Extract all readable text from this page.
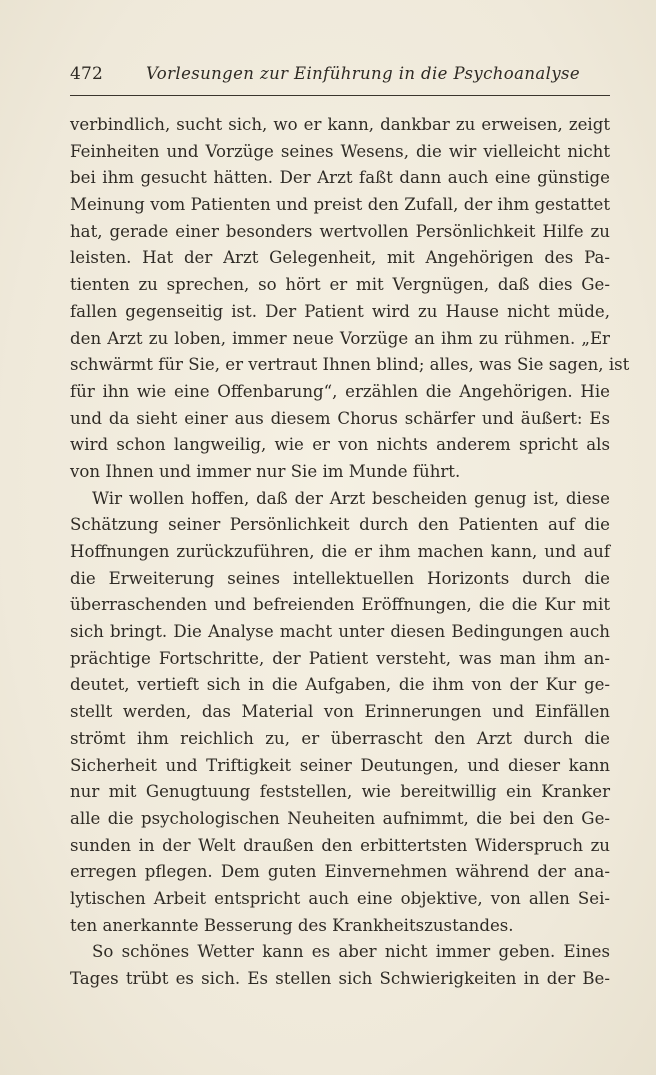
472	Vorlesungen zur Einführung in die Psychoanalyse
verbindlich, sucht sich, wo er kann, dankbar zu erweisen, zeigt
Feinheiten und Vorzüge seines Wesens, die wir vielleicht nicht
bei ihm gesucht hätten. Der Arzt faßt dann auch eine günstige
Meinung vom Patienten und preist den Zufall, der ihm gestattet
hat, gerade einer besonders wertvollen Persönlichkeit Hilfe zu
leisten. Hat der Arzt Gelegenheit, mit Angehörigen des Pa-
tienten zu sprechen, so hört er mit Vergnügen, daß dies Ge-
fallen gegenseitig ist. Der Patient wird zu Hause nicht müde,
den Arzt zu loben, immer neue Vorzüge an ihm zu rühmen. „Er
schwärmt für Sie, er vertraut Ihnen blind; alles, was Sie sagen, ist
für ihn wie eine Offenbarung“, erzählen die Angehörigen. Hie
und da sieht einer aus diesem Chorus schärfer und äußert: Es
wird schon langweilig, wie er von nichts anderem spricht als
von Ihnen und immer nur Sie im Munde führt.
Wir wollen hoffen, daß der Arzt bescheiden genug ist, diese
Schätzung seiner Persönlichkeit durch den Patienten auf die
Hoffnungen zurückzuführen, die er ihm machen kann, und auf
die Erweiterung seines intellektuellen Horizonts durch die
überraschenden und befreienden Eröffnungen, die die Kur mit
sich bringt. Die Analyse macht unter diesen Bedingungen auch
prächtige Fortschritte, der Patient versteht, was man ihm an-
deutet, vertieft sich in die Aufgaben, die ihm von der Kur ge-
stellt werden, das Material von Erinnerungen und Einfällen
strömt ihm reichlich zu, er überrascht den Arzt durch die
Sicherheit und Triftigkeit seiner Deutungen, und dieser kann
nur mit Genugtuung feststellen, wie bereitwillig ein Kranker
alle die psychologischen Neuheiten aufnimmt, die bei den Ge-
sunden in der Welt draußen den erbittertsten Widerspruch zu
erregen pflegen. Dem guten Einvernehmen während der ana-
lytischen Arbeit entspricht auch eine objektive, von allen Sei-
ten anerkannte Besserung des Krankheitszustandes.
So schönes Wetter kann es aber nicht immer geben. Eines
Tages trübt es sich. Es stellen sich Schwierigkeiten in der Be-
